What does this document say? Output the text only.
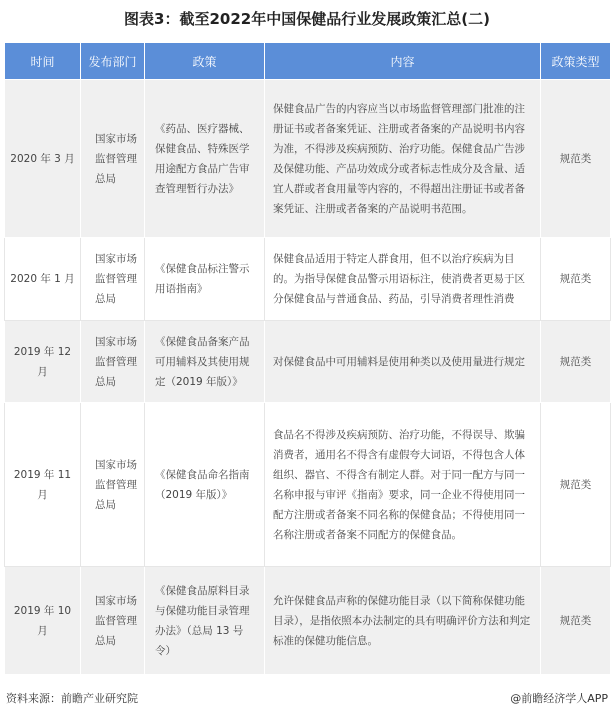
图表3：截至2022年中国保健品行业发展政策汇总(二)
时间	发布部门	政策	内容	政策类型
2020 年 3 月	国家市场监督管理总局	《药品、医疗器械、保健食品、特殊医学用途配方食品广告审查管理暂行办法》	保健食品广告的内容应当以市场监督管理部门批准的注册证书或者备案凭证、注册或者备案的产品说明书内容为准，不得涉及疾病预防、治疗功能。保健食品广告涉及保健功能、产品功效成分或者标志性成分及含量、适宜人群或者食用量等内容的，不得超出注册证书或者备案凭证、注册或者备案的产品说明书范围。	规范类
2020 年 1 月	国家市场监督管理总局	《保健食品标注警示用语指南》	保健食品适用于特定人群食用，但不以治疗疾病为目的。为指导保健食品警示用语标注，使消费者更易于区分保健食品与普通食品、药品，引导消费者理性消费	规范类
2019 年 12 月	国家市场监督管理总局	《保健食品备案产品可用辅料及其使用规定（2019 年版）》	对保健食品中可用辅料是使用种类以及使用量进行规定	规范类
2019 年 11 月	国家市场监督管理总局	《保健食品命名指南（2019 年版）》	食品名不得涉及疾病预防、治疗功能，不得误导、欺骗消费者，通用名不得含有虚假夸大词语，不得包含人体组织、器官、不得含有制定人群。对于同一配方与同一名称申报与审评《指南》要求，同一企业不得使用同一配方注册或者备案不同名称的保健食品；不得使用同一名称注册或者备案不同配方的保健食品。	规范类
2019 年 10 月	国家市场监督管理总局	《保健食品原料目录与保健功能目录管理办法》（总局 13 号令）	允许保健食品声称的保健功能目录（以下简称保健功能目录），是指依照本办法制定的具有明确评价方法和判定标准的保健功能信息。	规范类
资料来源：前瞻产业研究院	@前瞻经济学人APP
